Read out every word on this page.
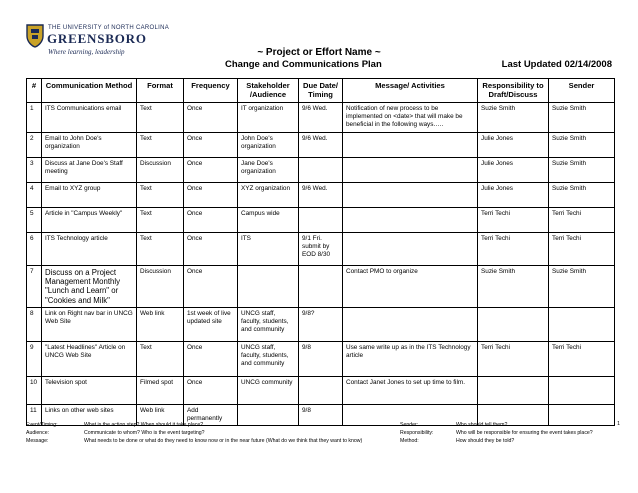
THE UNIVERSITY of NORTH CAROLINA
GREENSBORO
Where learning, leadership	~ Project or Effort Name ~
Change and Communications Plan	Last Updated 02/14/2008
#	Communication Method	Format	Frequency	Stakeholder /Audience	Due Date/ Timing	Message/ Activities	Responsibility to Draft/Discuss	Sender
1	ITS Communications email	Text	Once	IT organization	9/6 Wed.	Notification of new process to be implemented on <date> that will make be beneficial in the following ways…..	Suzie Smith	Suzie Smith
2	Email to John Doe's organization	Text	Once	John Doe's organization	9/6 Wed.		Julie Jones	Suzie Smith
3	Discuss at Jane Doe's Staff meeting	Discussion	Once	Jane Doe's organization			Julie Jones	Suzie Smith
4	Email to XYZ group	Text	Once	XYZ organization	9/6 Wed.		Julie Jones	Suzie Smith
5	Article in "Campus Weekly"	Text	Once	Campus wide			Terri Techi	Terri Techi
6	ITS Technology article	Text	Once	ITS	9/1 Fri. submit by EOD 8/30		Terri Techi	Terri Techi
7	Discuss on a Project Management Monthly "Lunch and Learn" or "Cookies and Milk"	Discussion	Once			Contact PMO to organize	Suzie Smith	Suzie Smith
8	Link on Right nav bar in UNCG Web Site	Web link	1st week of live updated site	UNCG staff, faculty, students, and community	9/8?			
9	"Latest Headlines" Article on UNCG Web Site	Text	Once	UNCG staff, faculty, students, and community	9/8	Use same write up as in the ITS Technology article	Terri Techi	Terri Techi
10	Television spot	Filmed spot	Once	UNCG community		Contact Janet Jones to set up time to film.		
11	Links on other web sites	Web link	Add permanently		9/8			
Event/Timing:	What is the action step? When should it take place?
Audience:	Communicate to whom? Who is the event targeting?
Message:	What needs to be done or what do they need to know now or in the near future (What do we think that they want to know)
Sender:	Who should tell them?
Responsibility:	Who will be responsible for ensuring the event takes place?
Method:	How should they be told?
1
